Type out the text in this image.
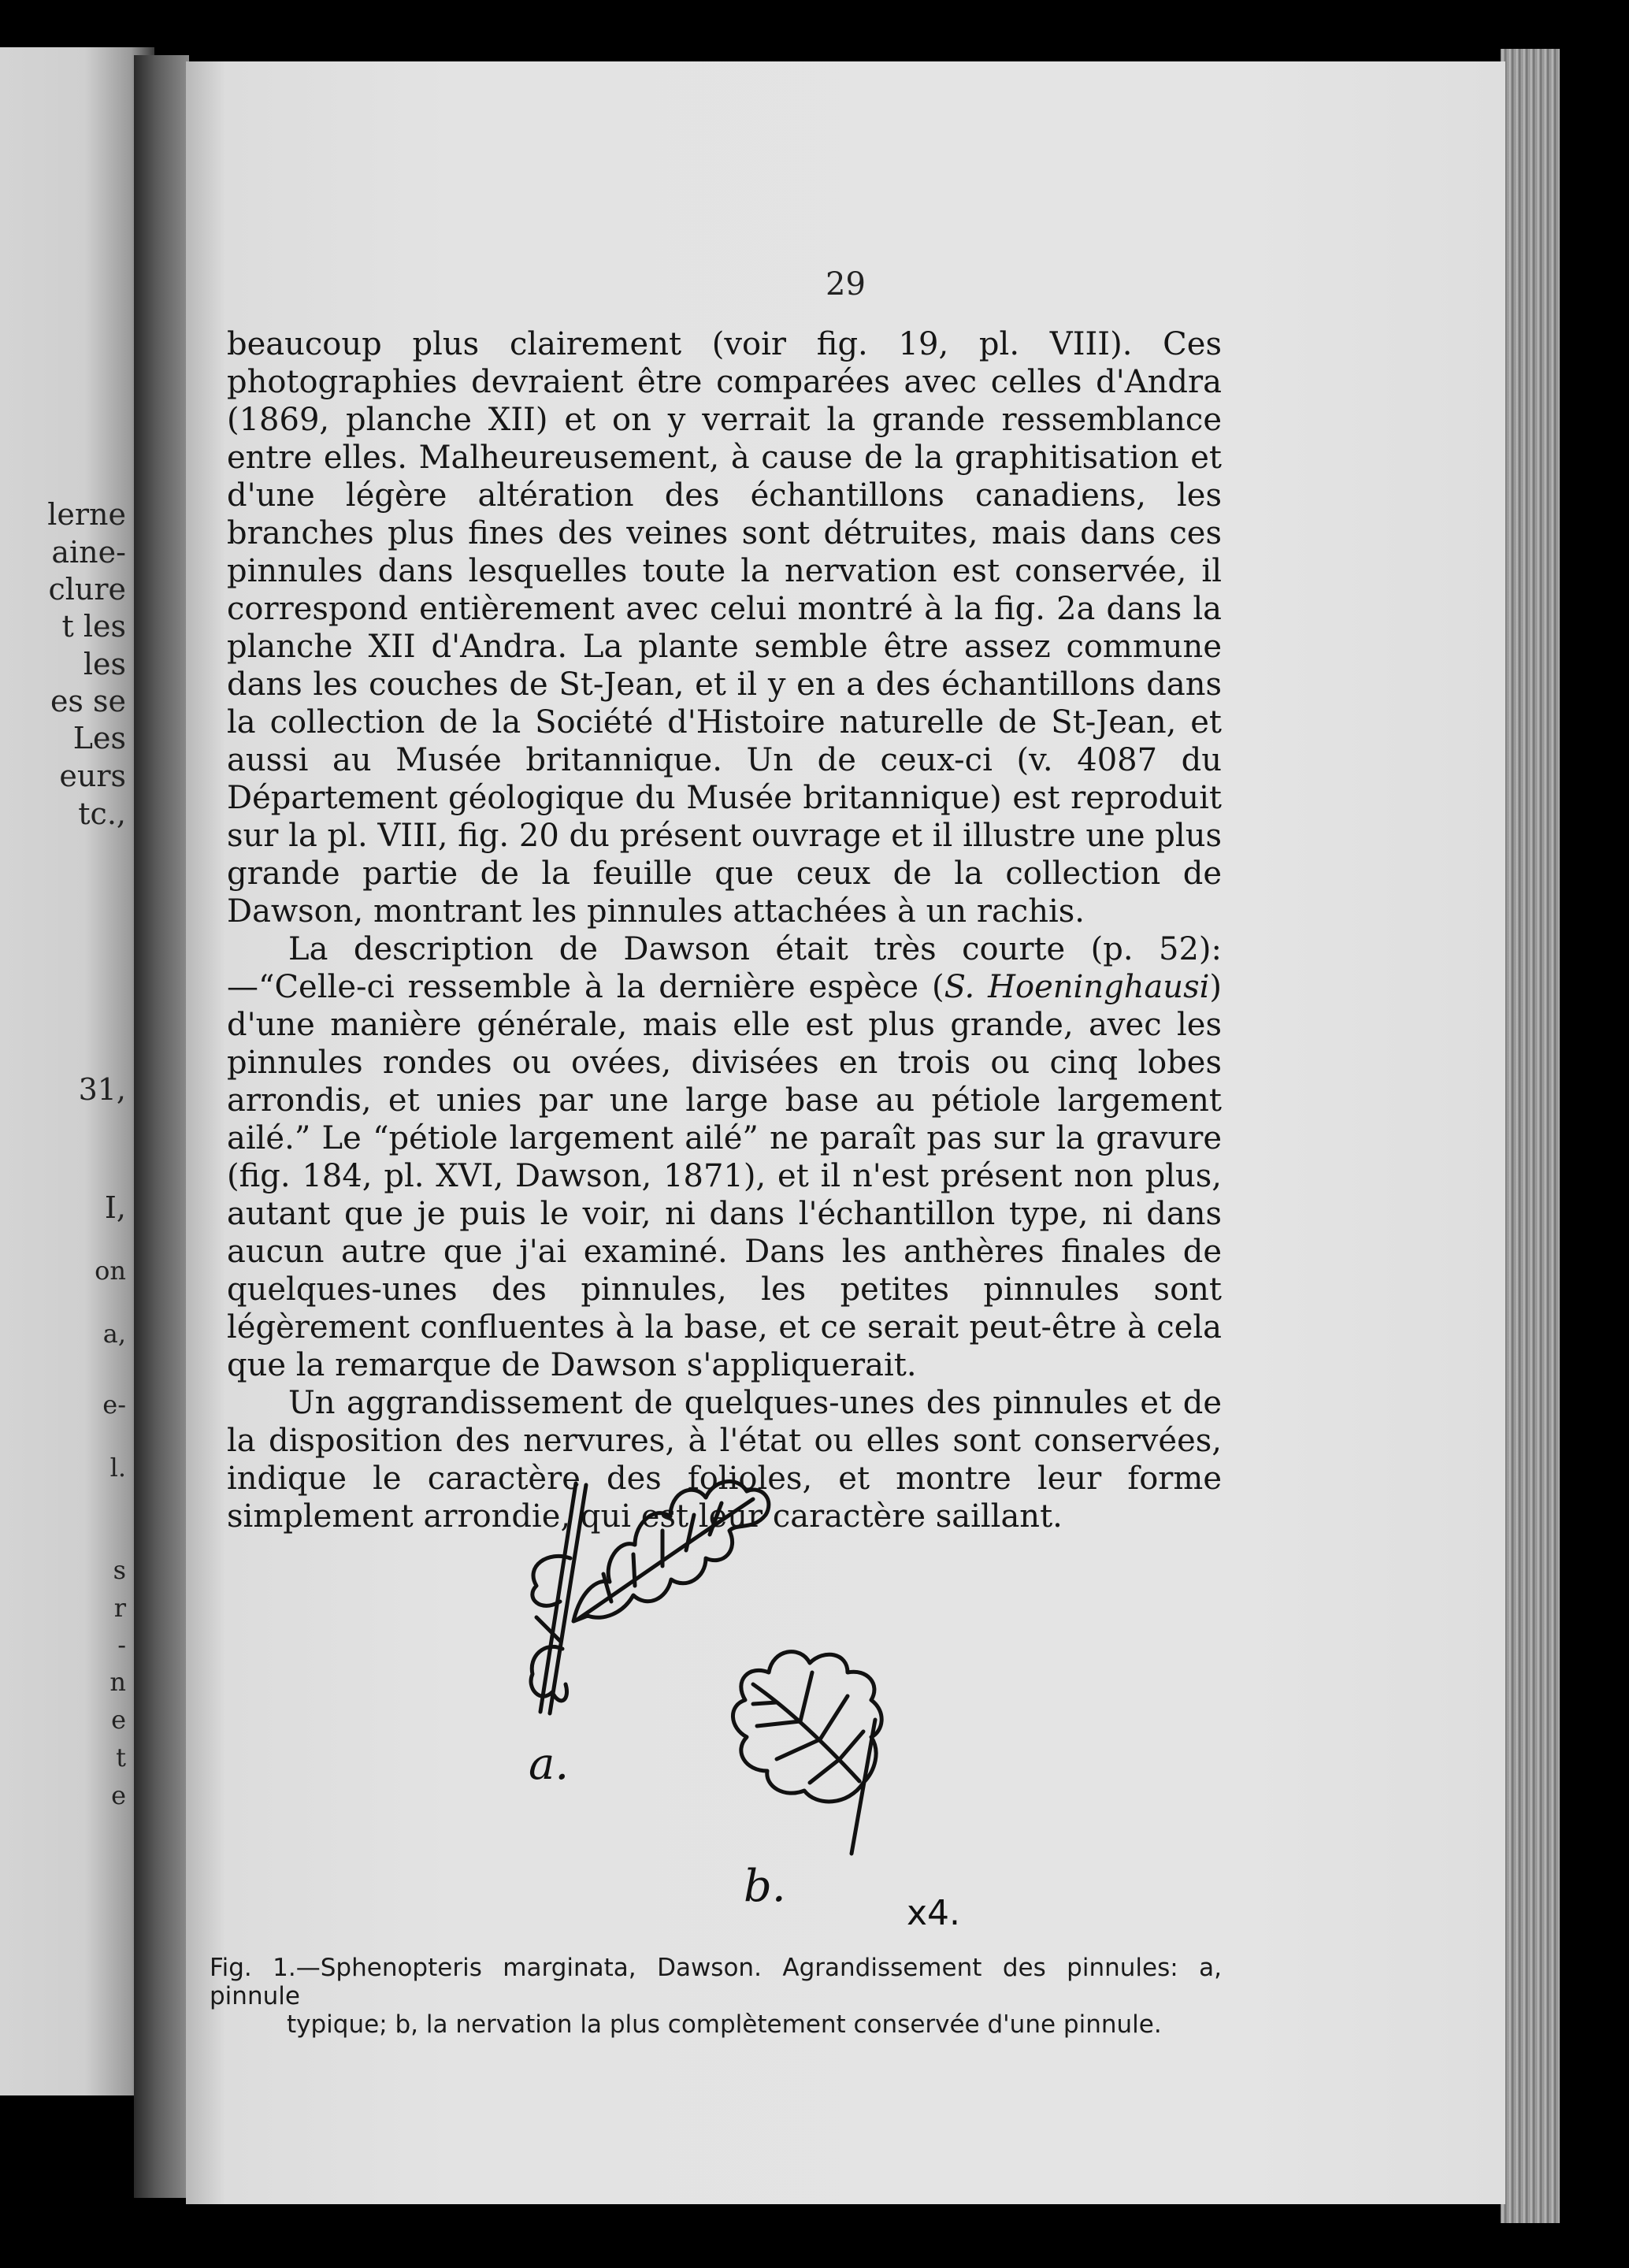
lerne
aine-
clure
t les
les
es se
Les
eurs
tc.,
31,
I,
on
a,
e-
l.
s
r
-
n
e
t
e
29

beaucoup plus clairement (voir fig. 19, pl. VIII). Ces photographies devraient être comparées avec celles d'Andra (1869, planche XII) et on y verrait la grande ressemblance entre elles. Malheureusement, à cause de la graphitisation et d'une légère altération des échantillons canadiens, les branches plus fines des veines sont détruites, mais dans ces pinnules dans lesquelles toute la nervation est conservée, il correspond entièrement avec celui montré à la fig. 2a dans la planche XII d'Andra. La plante semble être assez commune dans les couches de St-Jean, et il y en a des échantillons dans la collection de la Société d'Histoire naturelle de St-Jean, et aussi au Musée britannique. Un de ceux-ci (v. 4087 du Département géologique du Musée britannique) est reproduit sur la pl. VIII, fig. 20 du présent ouvrage et il illustre une plus grande partie de la feuille que ceux de la collection de Dawson, montrant les pinnules attachées à un rachis.

La description de Dawson était très courte (p. 52):—“Celle-ci ressemble à la dernière espèce (S. Hoeninghausi) d'une manière générale, mais elle est plus grande, avec les pinnules rondes ou ovées, divisées en trois ou cinq lobes arrondis, et unies par une large base au pétiole largement ailé.” Le “pétiole largement ailé” ne paraît pas sur la gravure (fig. 184, pl. XVI, Dawson, 1871), et il n'est présent non plus, autant que je puis le voir, ni dans l'échantillon type, ni dans aucun autre que j'ai examiné. Dans les anthères finales de quelques-unes des pinnules, les petites pinnules sont légèrement confluentes à la base, et ce serait peut-être à cela que la remarque de Dawson s'appliquerait.

Un aggrandissement de quelques-unes des pinnules et de la disposition des nervures, à l'état ou elles sont conservées, indique le caractère des folioles, et montre leur forme simplement arrondie, qui est leur caractère saillant.

a.
b.
x4.
Fig. 1.—Sphenopteris marginata, Dawson. Agrandissement des pinnules: a, pinnule
typique; b, la nervation la plus complètement conservée d'une pinnule.
